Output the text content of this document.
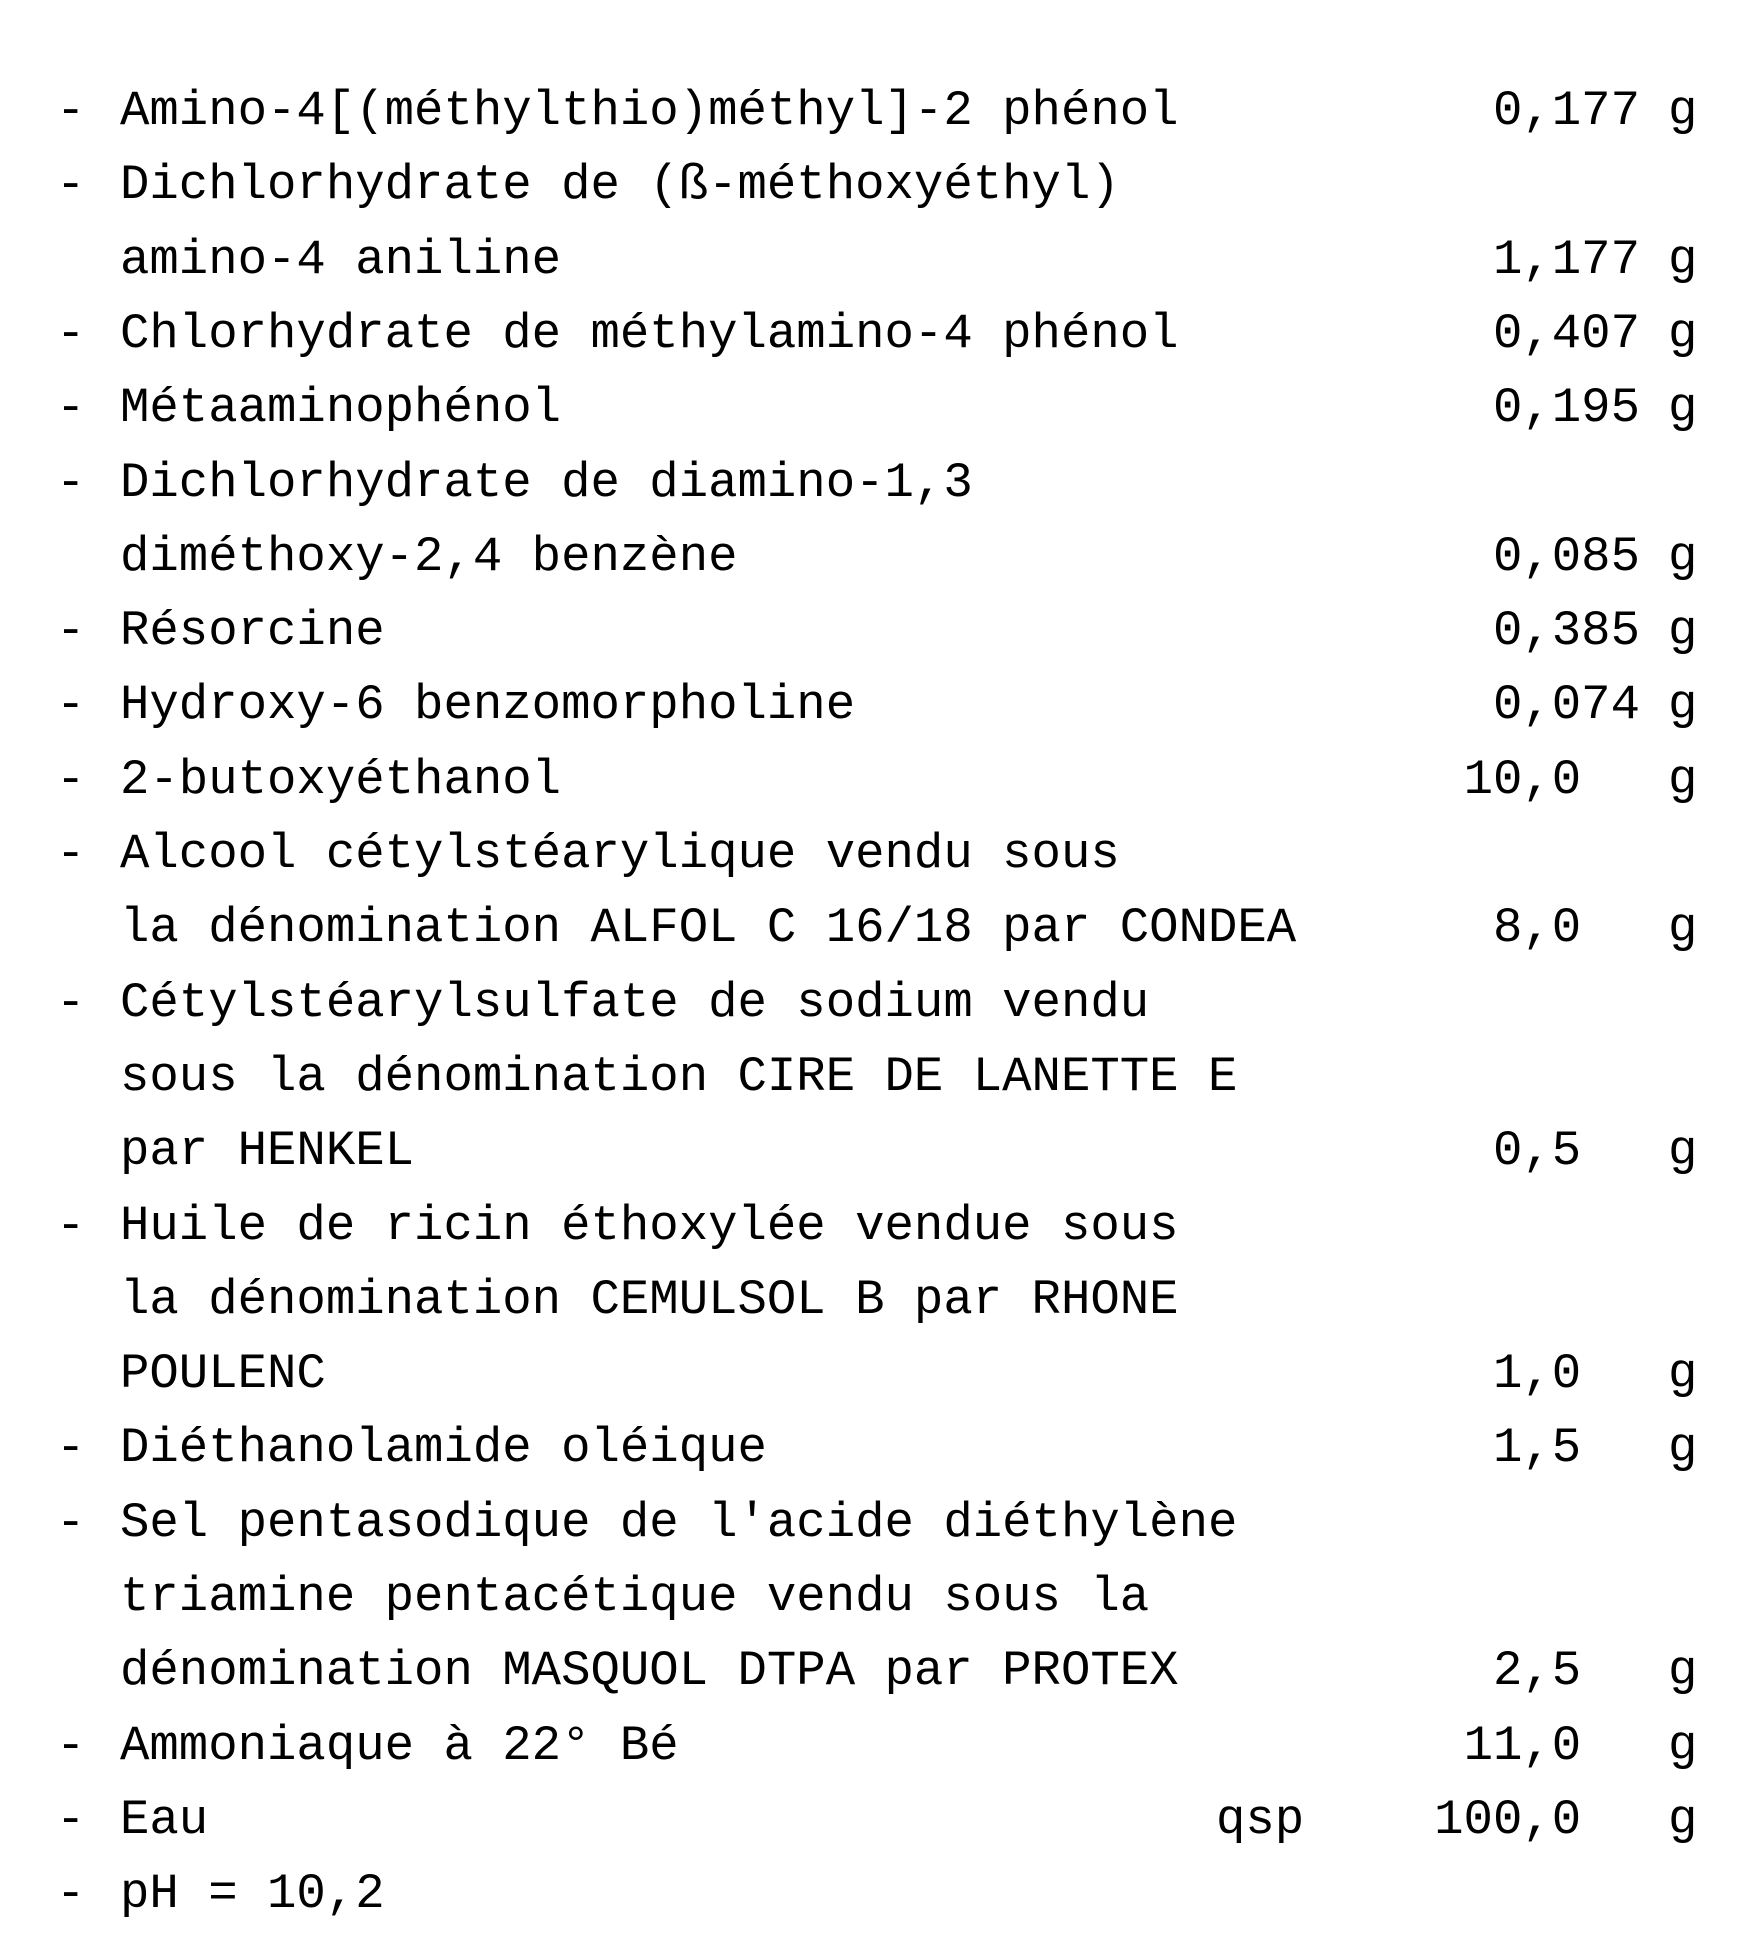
- Amino-4[(méthylthio)méthyl]-2 phénol	0,177 g
- Dichlorhydrate de (ß-méthoxyéthyl)
amino-4 aniline	1,177 g
- Chlorhydrate de méthylamino-4 phénol	0,407 g
- Métaaminophénol	0,195 g
- Dichlorhydrate de diamino-1,3
diméthoxy-2,4 benzène	0,085 g
- Résorcine	0,385 g
- Hydroxy-6 benzomorpholine	0,074 g
- 2-butoxyéthanol	10,0 g
- Alcool cétylstéarylique vendu sous
la dénomination ALFOL C 16/18 par CONDEA	8,0 g
- Cétylstéarylsulfate de sodium vendu
sous la dénomination CIRE DE LANETTE E
par HENKEL	0,5 g
- Huile de ricin éthoxylée vendue sous
la dénomination CEMULSOL B par RHONE
POULENC	1,0 g
- Diéthanolamide oléique	1,5 g
- Sel pentasodique de l'acide diéthylène
triamine pentacétique vendu sous la
dénomination MASQUOL DTPA par PROTEX	2,5 g
- Ammoniaque à 22° Bé	11,0 g
- Eau	qsp	100,0 g
- pH = 10,2
